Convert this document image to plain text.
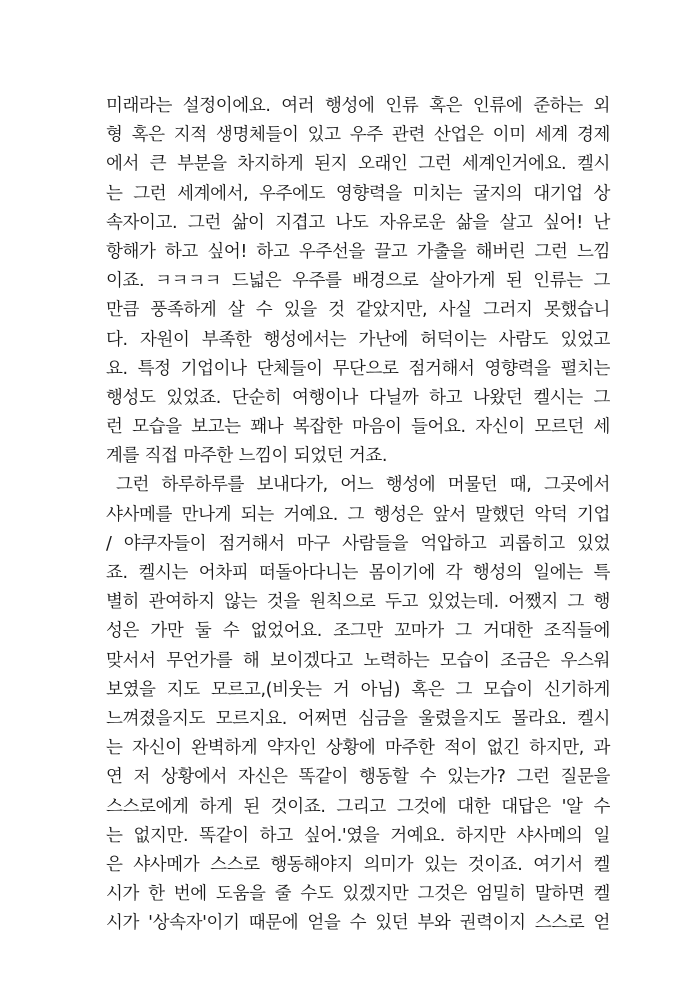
미래라는 설정이에요. 여러 행성에 인류 혹은 인류에 준하는 외
형 혹은 지적 생명체들이 있고 우주 관련 산업은 이미 세계 경제
에서 큰 부분을 차지하게 된지 오래인 그런 세계인거에요. 켈시
는 그런 세계에서, 우주에도 영향력을 미치는 굴지의 대기업 상
속자이고. 그런 삶이 지겹고 나도 자유로운 삶을 살고 싶어! 난
항해가 하고 싶어! 하고 우주선을 끌고 가출을 해버린 그런 느낌
이죠. ㅋㅋㅋㅋ 드넓은 우주를 배경으로 살아가게 된 인류는 그
만큼 풍족하게 살 수 있을 것 같았지만, 사실 그러지 못했습니
다. 자원이 부족한 행성에서는 가난에 허덕이는 사람도 있었고
요. 특정 기업이나 단체들이 무단으로 점거해서 영향력을 펼치는
행성도 있었죠. 단순히 여행이나 다닐까 하고 나왔던 켈시는 그
런 모습을 보고는 꽤나 복잡한 마음이 들어요. 자신이 모르던 세
계를 직접 마주한 느낌이 되었던 거죠.
그런 하루하루를 보내다가, 어느 행성에 머물던 때, 그곳에서
샤사메를 만나게 되는 거예요. 그 행성은 앞서 말했던 악덕 기업
/ 야쿠자들이 점거해서 마구 사람들을 억압하고 괴롭히고 있었
죠. 켈시는 어차피 떠돌아다니는 몸이기에 각 행성의 일에는 특
별히 관여하지 않는 것을 원칙으로 두고 있었는데. 어쨌지 그 행
성은 가만 둘 수 없었어요. 조그만 꼬마가 그 거대한 조직들에
맞서서 무언가를 해 보이겠다고 노력하는 모습이 조금은 우스워
보였을 지도 모르고,(비웃는 거 아님) 혹은 그 모습이 신기하게
느껴졌을지도 모르지요. 어쩌면 심금을 울렸을지도 몰라요. 켈시
는 자신이 완벽하게 약자인 상황에 마주한 적이 없긴 하지만, 과
연 저 상황에서 자신은 똑같이 행동할 수 있는가? 그런 질문을
스스로에게 하게 된 것이죠. 그리고 그것에 대한 대답은 '알 수
는 없지만. 똑같이 하고 싶어.'였을 거예요. 하지만 샤사메의 일
은 샤사메가 스스로 행동해야지 의미가 있는 것이죠. 여기서 켈
시가 한 번에 도움을 줄 수도 있겠지만 그것은 엄밀히 말하면 켈
시가 '상속자'이기 때문에 얻을 수 있던 부와 권력이지 스스로 얻
